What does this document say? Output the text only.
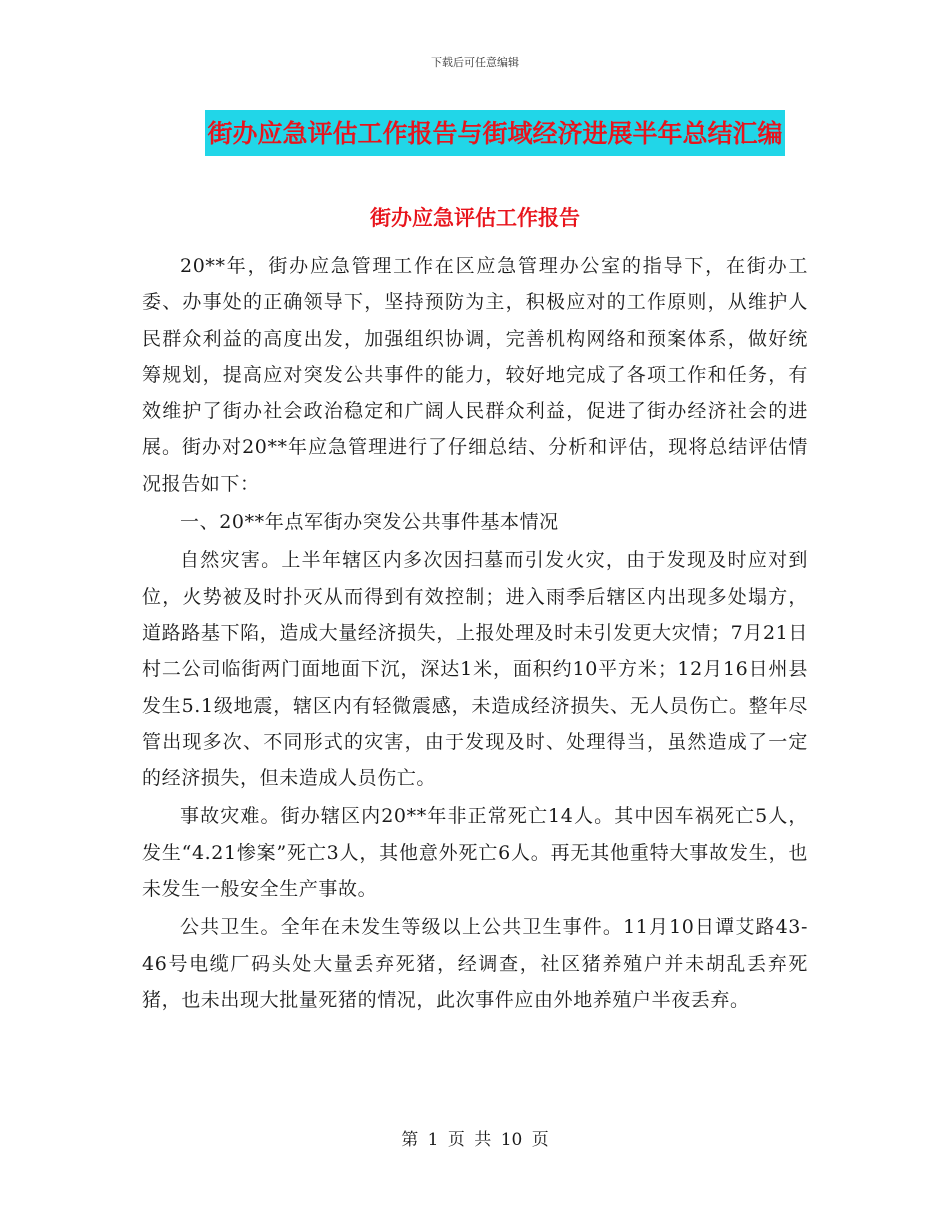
下载后可任意编辑
街办应急评估工作报告与街域经济进展半年总结汇编
街办应急评估工作报告

20**年，街办应急管理工作在区应急管理办公室的指导下，在街办工委、办事处的正确领导下，坚持预防为主，积极应对的工作原则，从维护人民群众利益的高度出发，加强组织协调，完善机构网络和预案体系，做好统筹规划，提高应对突发公共事件的能力，较好地完成了各项工作和任务，有效维护了街办社会政治稳定和广阔人民群众利益，促进了街办经济社会的进展。街办对20**年应急管理进行了仔细总结、分析和评估，现将总结评估情况报告如下：

一、20**年点军街办突发公共事件基本情况

自然灾害。上半年辖区内多次因扫墓而引发火灾，由于发现及时应对到位，火势被及时扑灭从而得到有效控制；进入雨季后辖区内出现多处塌方，道路路基下陷，造成大量经济损失，上报处理及时未引发更大灾情；7月21日村二公司临街两门面地面下沉，深达1米，面积约10平方米；12月16日州县发生5.1级地震，辖区内有轻微震感，未造成经济损失、无人员伤亡。整年尽管出现多次、不同形式的灾害，由于发现及时、处理得当，虽然造成了一定的经济损失，但未造成人员伤亡。

事故灾难。街办辖区内20**年非正常死亡14人。其中因车祸死亡5人，发生“4.21惨案”死亡3人，其他意外死亡6人。再无其他重特大事故发生，也未发生一般安全生产事故。

公共卫生。全年在未发生等级以上公共卫生事件。11月10日谭艾路43-46号电缆厂码头处大量丢弃死猪，经调查，社区猪养殖户并未胡乱丢弃死猪，也未出现大批量死猪的情况，此次事件应由外地养殖户半夜丢弃。

第 1 页 共 10 页
